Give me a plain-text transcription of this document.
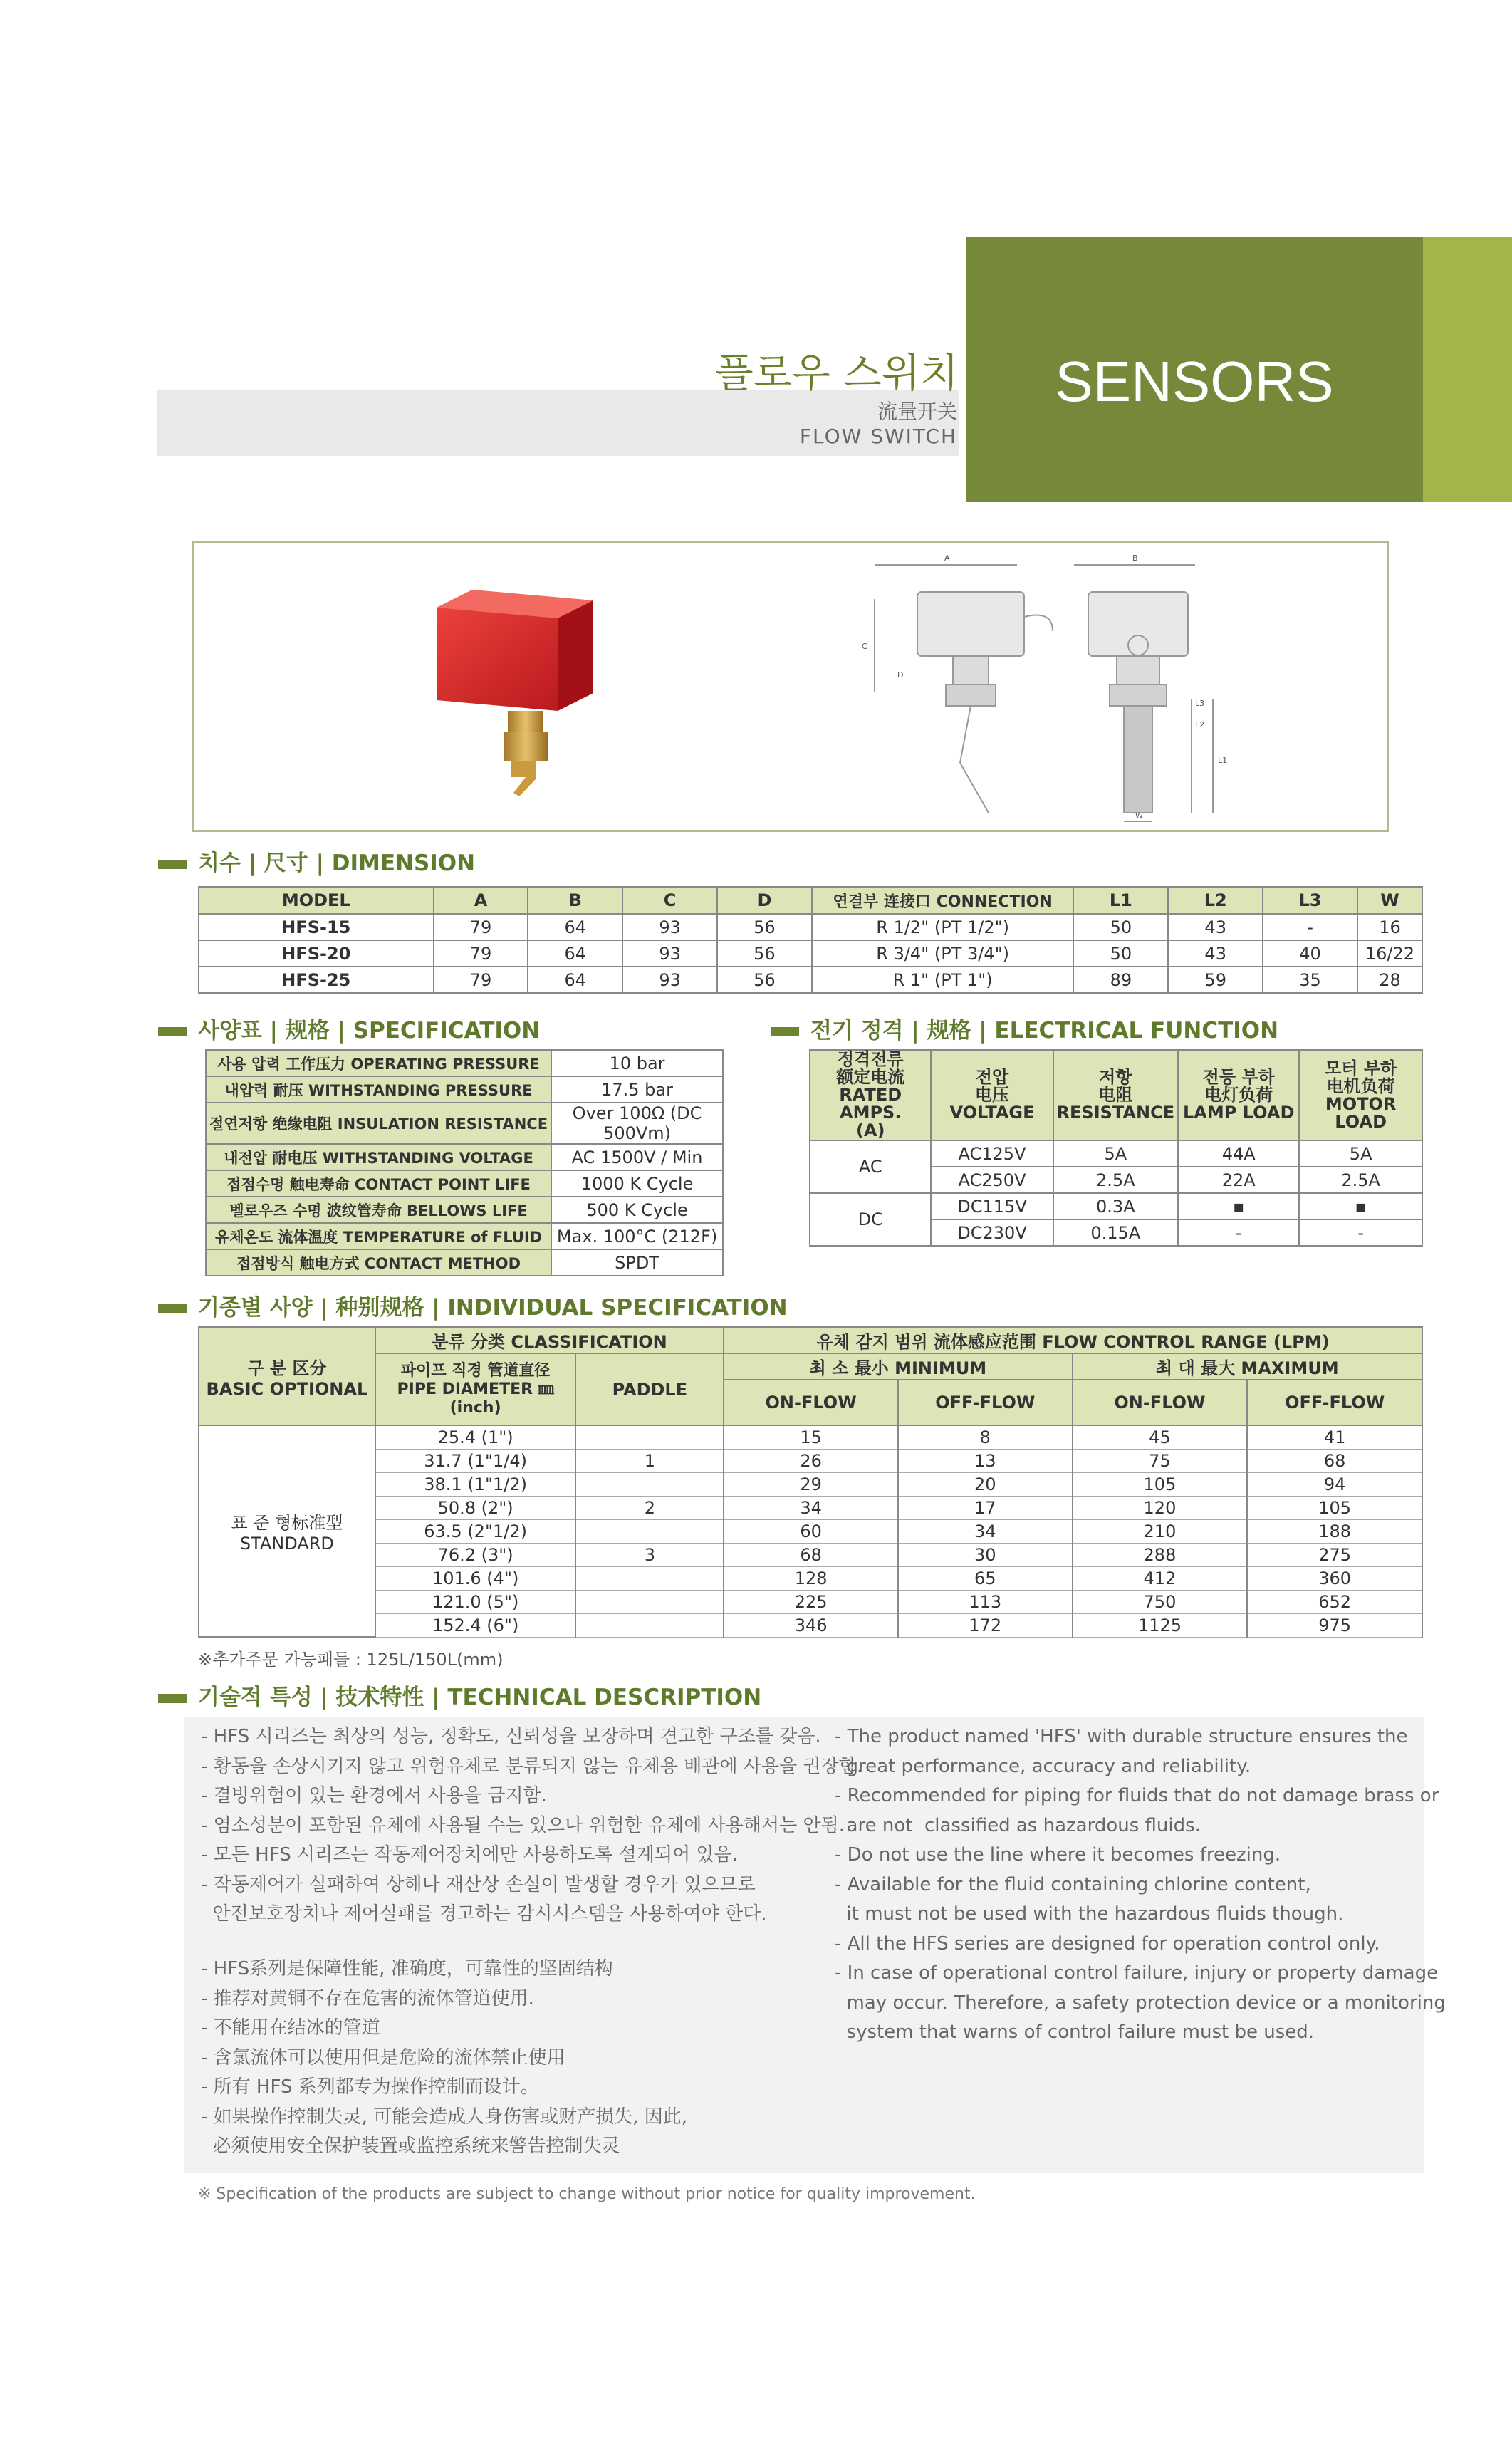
플로우 스위치
流量开关
FLOW SWITCH
SENSORS
A	B
C
D
L1
L2
L3
W
치수 | 尺寸 | DIMENSION
MODEL	A	B	C	D	연결부 连接口 CONNECTION	L1	L2	L3	W
HFS-15	79	64	93	56	R 1/2" (PT 1/2")	50	43	-	16
HFS-20	79	64	93	56	R 3/4" (PT 3/4")	50	43	40	16/22
HFS-25	79	64	93	56	R 1" (PT 1")	89	59	35	28
사양표 | 规格 | SPECIFICATION
사용 압력 工作压力 OPERATING PRESSURE	10 bar
내압력 耐压 WITHSTANDING PRESSURE	17.5 bar
절연저항 绝缘电阻 INSULATION RESISTANCE	Over 100Ω (DC 500Vm)
내전압 耐电压 WITHSTANDING VOLTAGE	AC 1500V / Min
접점수명 触电寿命 CONTACT POINT LIFE	1000 K Cycle
벨로우즈 수명 波纹管寿命 BELLOWS LIFE	500 K Cycle
유체온도 流体温度 TEMPERATURE of FLUID	Max. 100°C (212F)
접점방식 触电方式 CONTACT METHOD	SPDT
전기 정격 | 规格 | ELECTRICAL FUNCTION
정격전류
额定电流
RATED AMPS.
(A)	전압
电压
VOLTAGE	저항
电阻
RESISTANCE	전등 부하
电灯负荷
LAMP LOAD	모터 부하
电机负荷
MOTOR LOAD
AC	AC125V	5A	44A	5A
	AC250V	2.5A	22A	2.5A
DC	DC115V	0.3A	▪	▪
	DC230V	0.15A	-	-
기종별 사양 | 种别规格 | INDIVIDUAL SPECIFICATION
구 분 区分
BASIC OPTIONAL	분류 分类 CLASSIFICATION		유체 감지 범위 流体感应范围 FLOW CONTROL RANGE (LPM)			
	파이프 직경 管道直径
PIPE DIAMETER ㎜ (inch)	PADDLE	최 소 最小 MINIMUM		최 대 最大 MAXIMUM	
			ON-FLOW	OFF-FLOW	ON-FLOW	OFF-FLOW
표 준 형标准型
STANDARD	25.4 (1")		15	8	45	41
	31.7 (1"1/4)	1	26	13	75	68
	38.1 (1"1/2)		29	20	105	94
	50.8 (2")	2	34	17	120	105
	63.5 (2"1/2)		60	34	210	188
	76.2 (3")	3	68	30	288	275
	101.6 (4")		128	65	412	360
	121.0 (5")		225	113	750	652
	152.4 (6")		346	172	1125	975
※추가주문 가능패들 : 125L/150L(mm)
기술적 특성 | 技术特性 | TECHNICAL DESCRIPTION
- HFS 시리즈는 최상의 성능, 정확도, 신뢰성을 보장하며 견고한 구조를 갖음.
- 황동을 손상시키지 않고 위험유체로 분류되지 않는 유체용 배관에 사용을 권장함.
- 결빙위험이 있는 환경에서 사용을 금지함.
- 염소성분이 포함된 유체에 사용될 수는 있으나 위험한 유체에 사용해서는 안됨.
- 모든 HFS 시리즈는 작동제어장치에만 사용하도록 설계되어 있음.
- 작동제어가 실패하여 상해나 재산상 손실이 발생할 경우가 있으므로
안전보호장치나 제어실패를 경고하는 감시시스템을 사용하여야 한다.
- HFS系列是保障性能, 准确度，可靠性的坚固结构
- 推荐对黄铜不存在危害的流体管道使用.
- 不能用在结冰的管道
- 含氯流体可以使用但是危险的流体禁止使用
- 所有 HFS 系列都专为操作控制而设计。
- 如果操作控制失灵, 可能会造成人身伤害或财产损失, 因此,
必须使用安全保护装置或监控系统来警告控制失灵
- The product named 'HFS' with durable structure ensures the
great performance, accuracy and reliability.
- Recommended for piping for fluids that do not damage brass or
are not  classified as hazardous fluids.
- Do not use the line where it becomes freezing.
- Available for the fluid containing chlorine content,
it must not be used with the hazardous fluids though.
- All the HFS series are designed for operation control only.
- In case of operational control failure, injury or property damage
may occur. Therefore, a safety protection device or a monitoring
system that warns of control failure must be used.
※ Specification of the products are subject to change without prior notice for quality improvement.
